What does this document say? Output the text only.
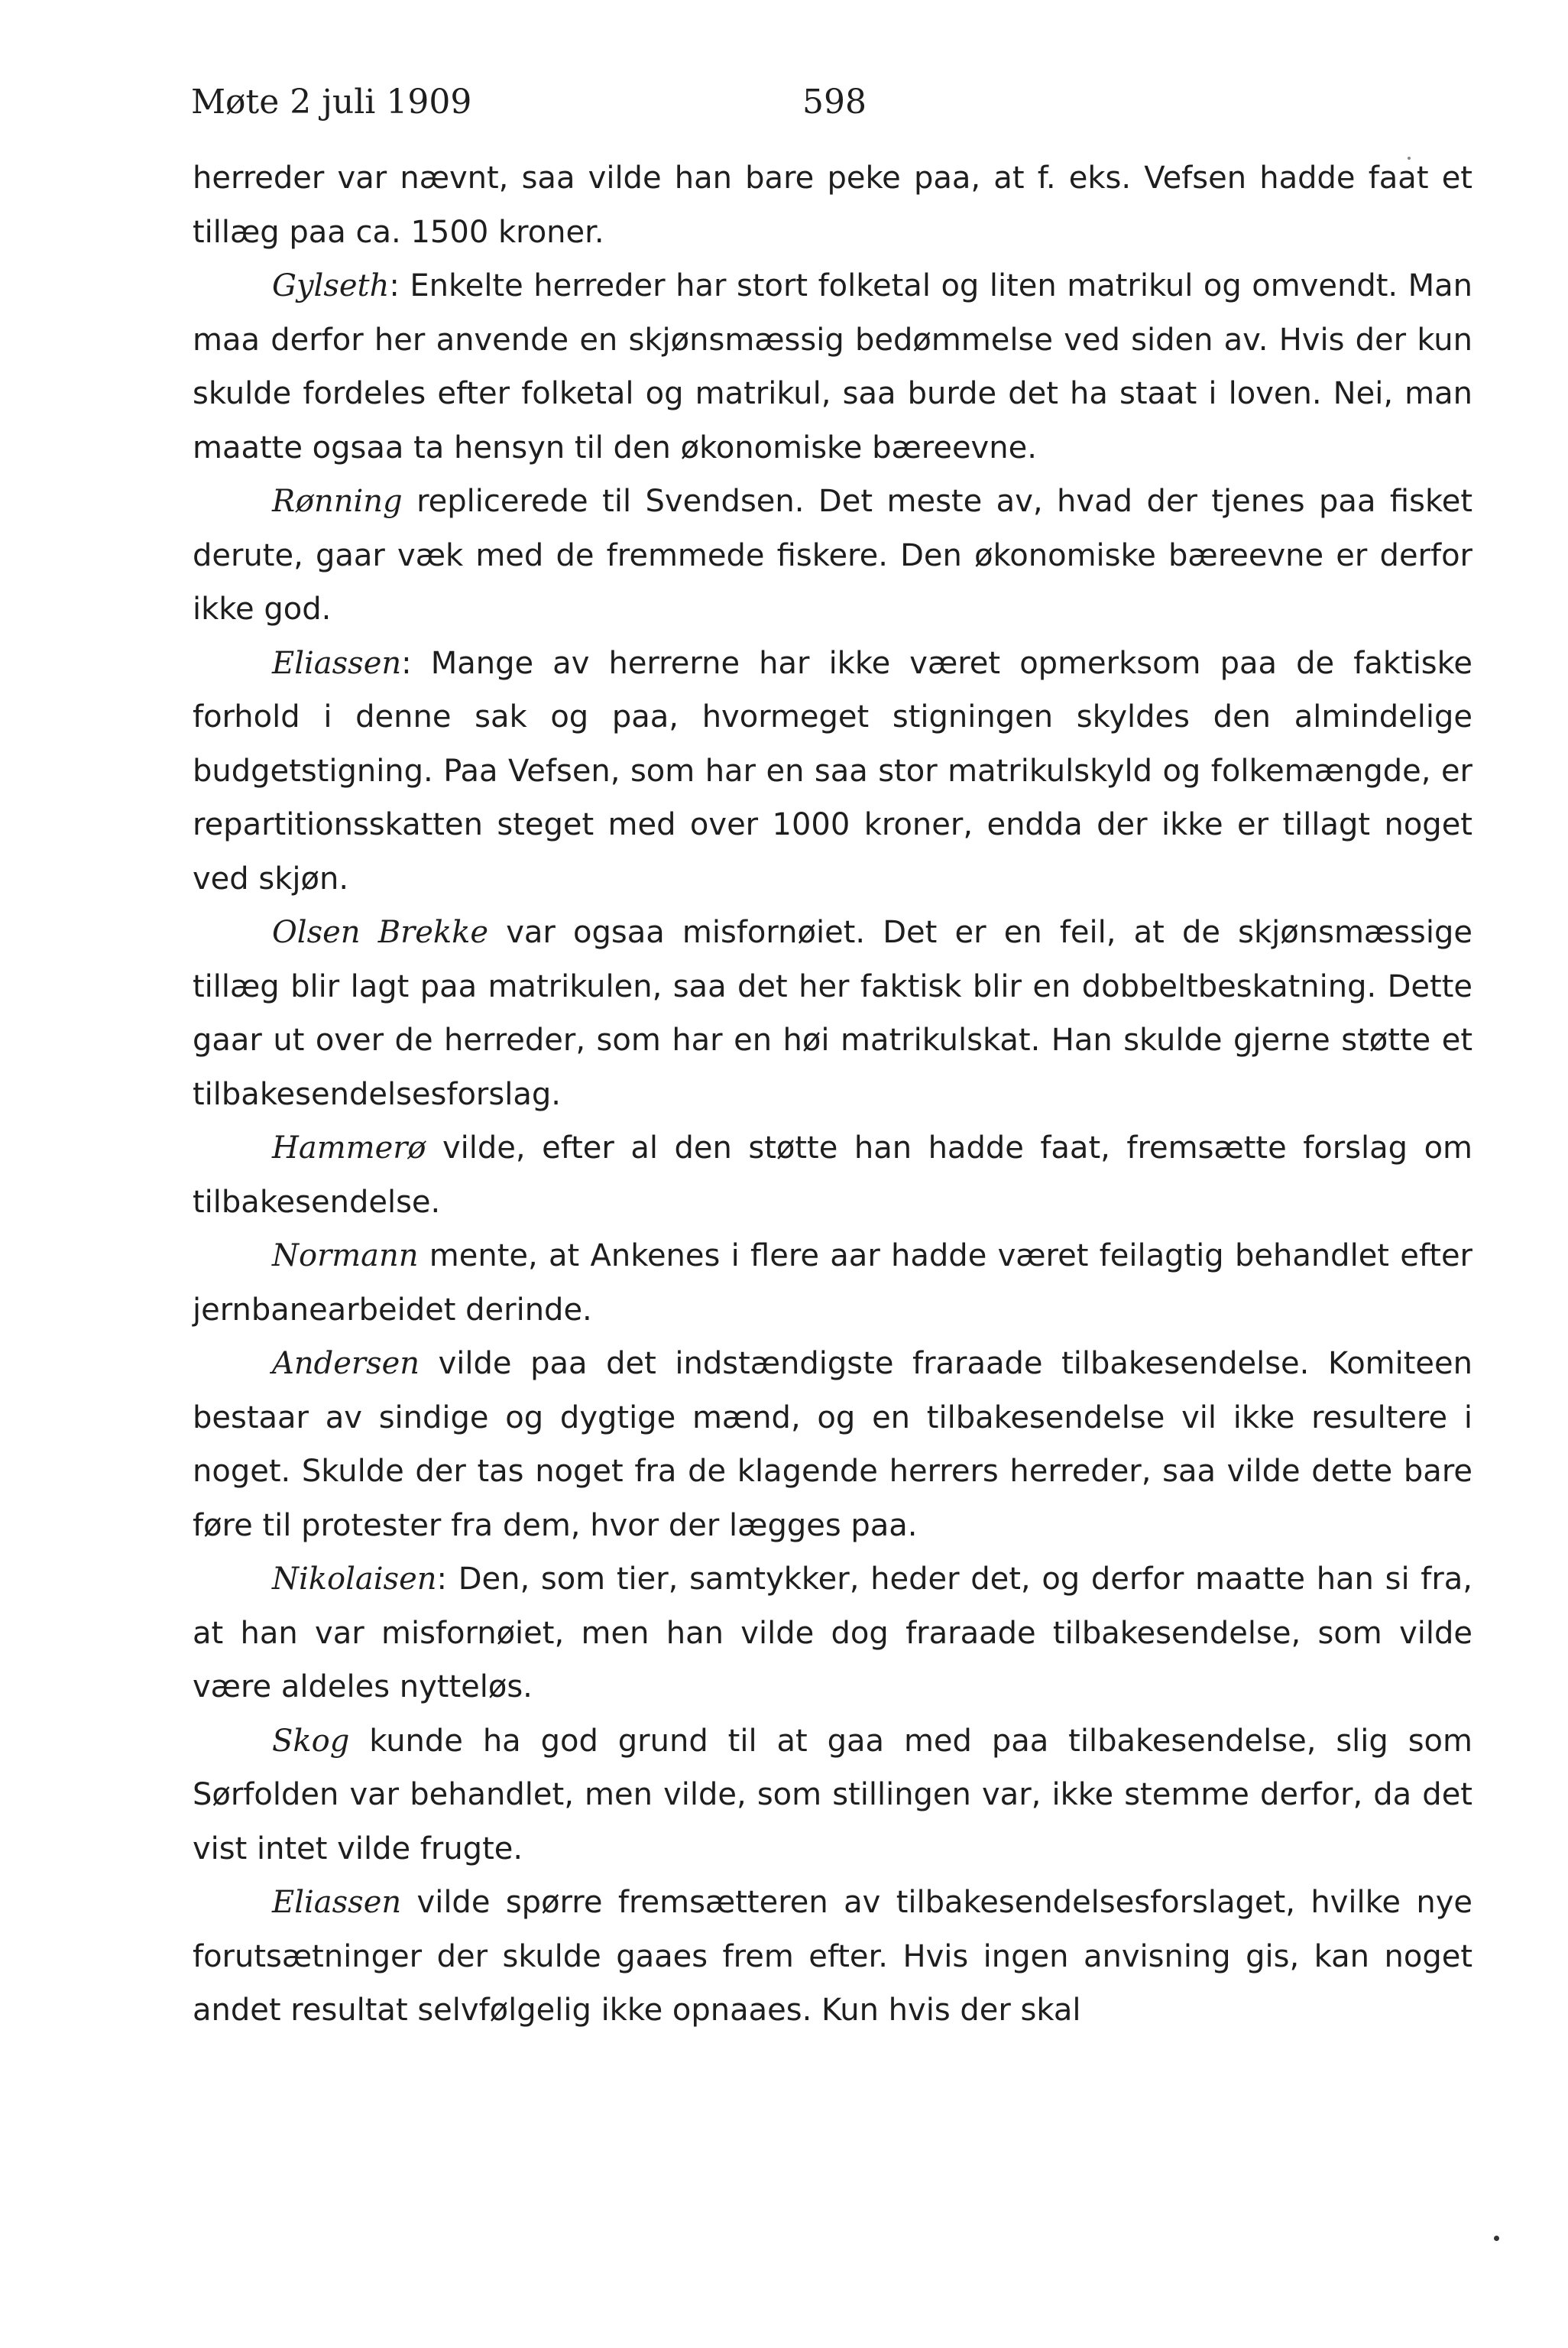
Møte 2 juli 1909	598

herreder var nævnt, saa vilde han bare peke paa, at f. eks. Vefsen hadde faat et tillæg paa ca. 1500 kroner.

Gylseth: Enkelte herreder har stort folketal og liten matrikul og omvendt. Man maa derfor her anvende en skjønsmæssig bedømmelse ved siden av. Hvis der kun skulde fordeles efter folketal og matrikul, saa burde det ha staat i loven. Nei, man maatte ogsaa ta hensyn til den økonomiske bæreevne.

Rønning replicerede til Svendsen. Det meste av, hvad der tjenes paa fisket derute, gaar væk med de fremmede fiskere. Den økonomiske bæreevne er derfor ikke god.

Eliassen: Mange av herrerne har ikke været opmerksom paa de faktiske forhold i denne sak og paa, hvormeget stigningen skyldes den almindelige budgetstigning. Paa Vefsen, som har en saa stor matrikulskyld og folkemængde, er repartitionsskatten steget med over 1000 kroner, endda der ikke er tillagt noget ved skjøn.

Olsen Brekke var ogsaa misfornøiet. Det er en feil, at de skjønsmæssige tillæg blir lagt paa matrikulen, saa det her faktisk blir en dobbeltbeskatning. Dette gaar ut over de herreder, som har en høi matrikulskat. Han skulde gjerne støtte et tilbakesendelsesforslag.

Hammerø vilde, efter al den støtte han hadde faat, fremsætte forslag om tilbakesendelse.

Normann mente, at Ankenes i flere aar hadde været feilagtig behandlet efter jernbanearbeidet derinde.

Andersen vilde paa det indstændigste fraraade tilbakesendelse. Komiteen bestaar av sindige og dygtige mænd, og en tilbakesendelse vil ikke resultere i noget. Skulde der tas noget fra de klagende herrers herreder, saa vilde dette bare føre til protester fra dem, hvor der lægges paa.

Nikolaisen: Den, som tier, samtykker, heder det, og derfor maatte han si fra, at han var misfornøiet, men han vilde dog fraraade tilbakesendelse, som vilde være aldeles nytteløs.

Skog kunde ha god grund til at gaa med paa tilbakesendelse, slig som Sørfolden var behandlet, men vilde, som stillingen var, ikke stemme derfor, da det vist intet vilde frugte.

Eliassen vilde spørre fremsætteren av tilbakesendelsesforslaget, hvilke nye forutsætninger der skulde gaaes frem efter. Hvis ingen anvisning gis, kan noget andet resultat selvfølgelig ikke opnaaes. Kun hvis der skal
